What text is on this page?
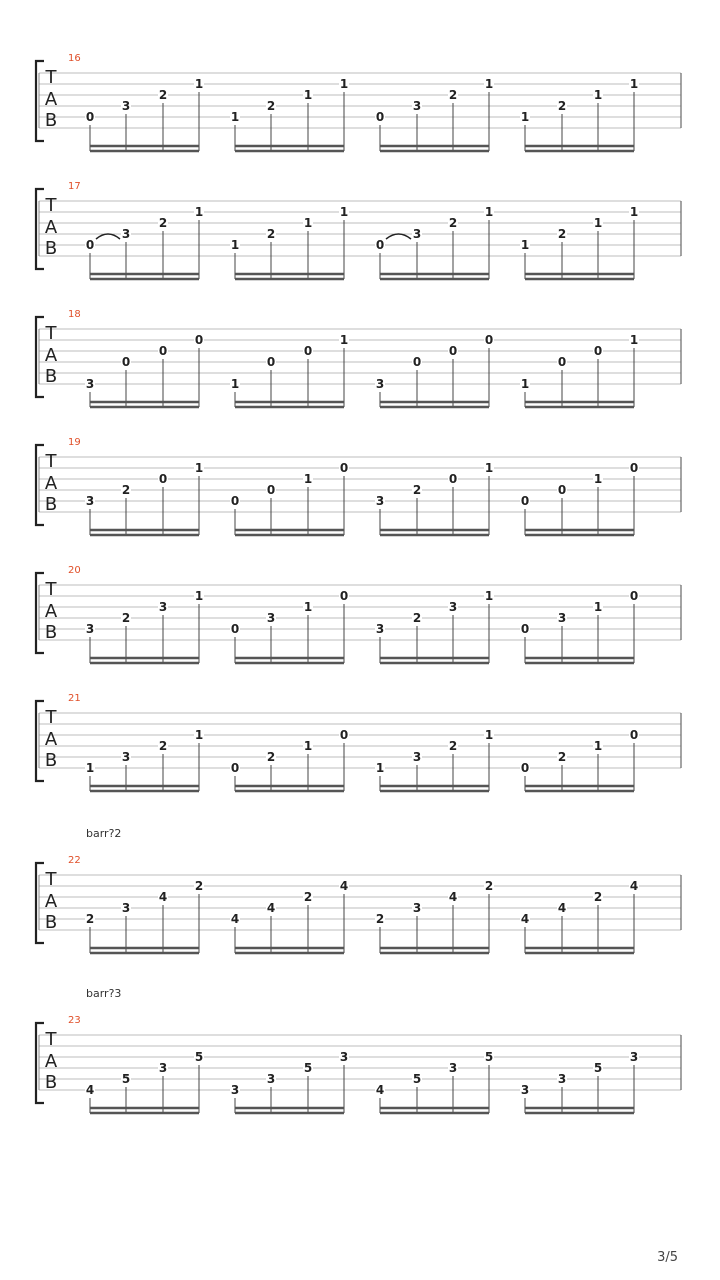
16
T
A
B 0
3
2
1
1
2
1
1
0
3
2
1
1
2
1
1
17
T
A
B 0
3
2
1
1
2
1
1
0
3
2
1
1
2
1
1
18
T
A
B 3
0
0
0
1
0
0
1
3
0
0
0
1
0
0
1
19
T
A
B 3
2
0
1
0
0
1
0
3
2
0
1
0
0
1
0
20
T
A
B 3
2
3
1
0
3
1
0
3
2
3
1
0
3
1
0
21
T
A
B 1
3
2
1
0
2
1
0
1
3
2
1
0
2
1
0
barr?2
22
T
A
B 2
3
4
2
4
4
2
4
2
3
4
2
4
4
2
4
barr?3
23
T
A
B 4
5
3
5
3
3
5
3
4
5
3
5
3
3
5
3
3/5
